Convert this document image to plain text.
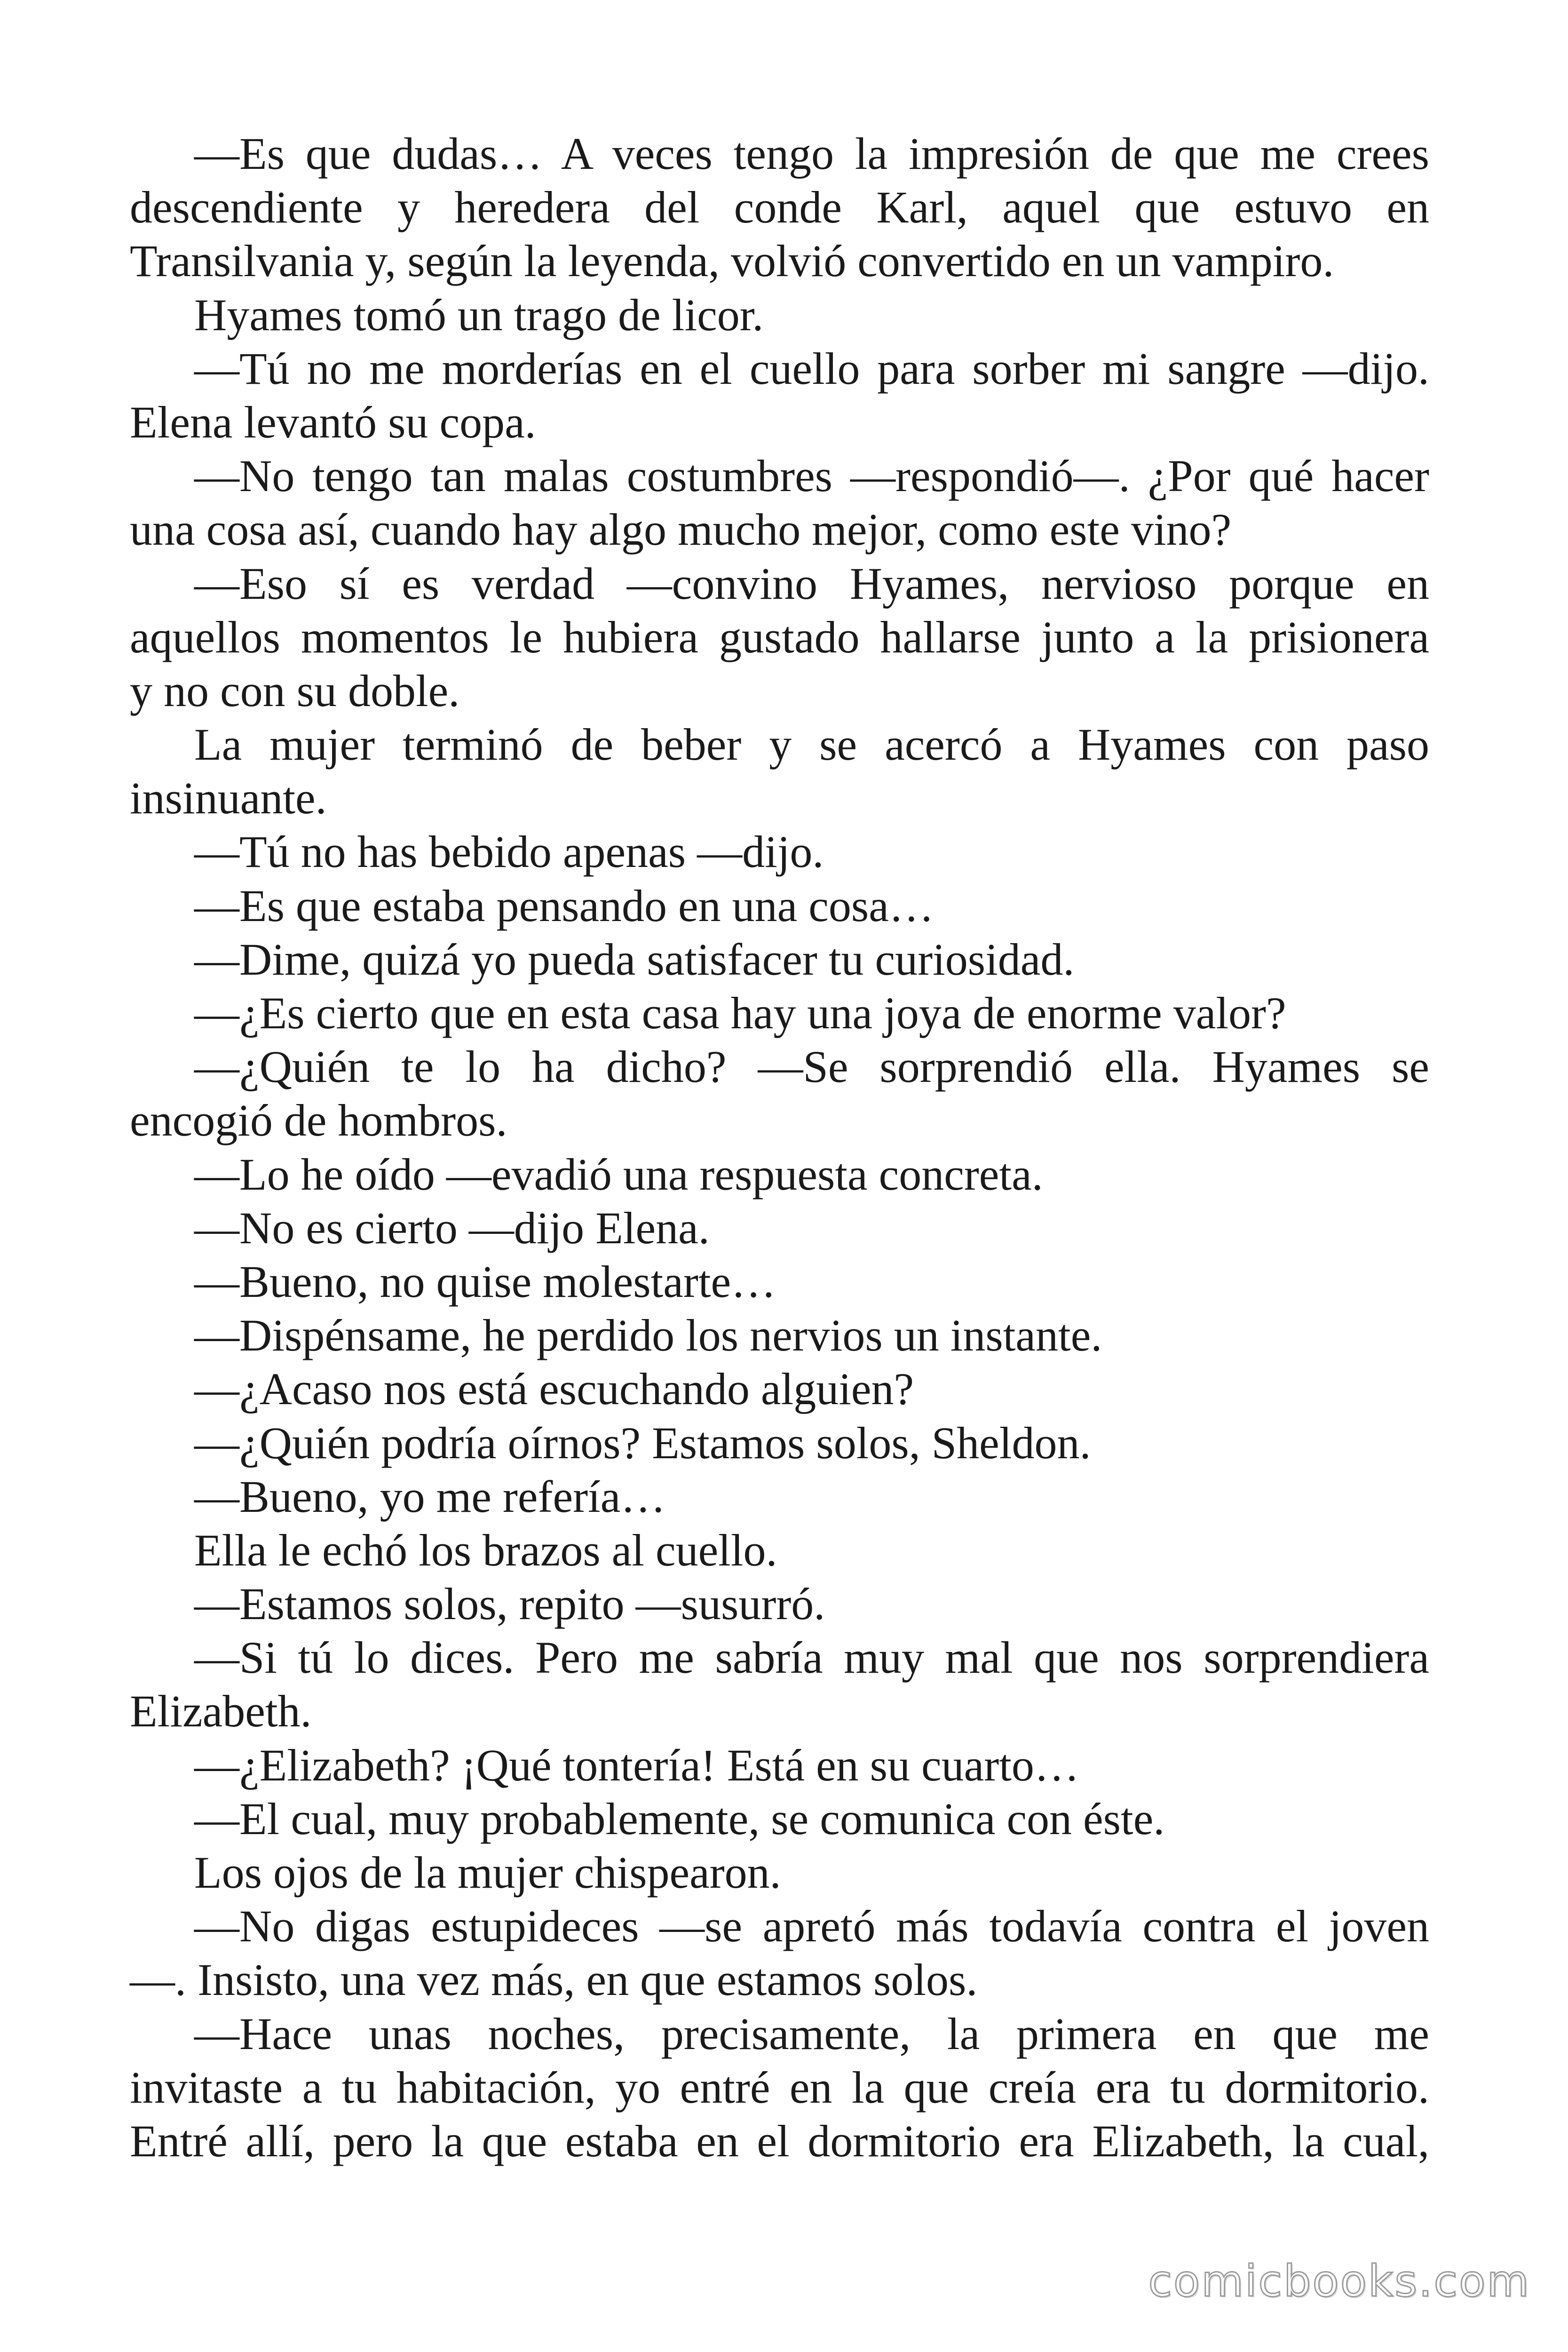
—Es que dudas… A veces tengo la impresión de que me crees
descendiente y heredera del conde Karl, aquel que estuvo en
Transilvania y, según la leyenda, volvió convertido en un vampiro.
Hyames tomó un trago de licor.
—Tú no me morderías en el cuello para sorber mi sangre —dijo.
Elena levantó su copa.
—No tengo tan malas costumbres —respondió—. ¿Por qué hacer
una cosa así, cuando hay algo mucho mejor, como este vino?
—Eso sí es verdad —convino Hyames, nervioso porque en
aquellos momentos le hubiera gustado hallarse junto a la prisionera
y no con su doble.
La mujer terminó de beber y se acercó a Hyames con paso
insinuante.
—Tú no has bebido apenas —dijo.
—Es que estaba pensando en una cosa…
—Dime, quizá yo pueda satisfacer tu curiosidad.
—¿Es cierto que en esta casa hay una joya de enorme valor?
—¿Quién te lo ha dicho? —Se sorprendió ella. Hyames se
encogió de hombros.
—Lo he oído —evadió una respuesta concreta.
—No es cierto —dijo Elena.
—Bueno, no quise molestarte…
—Dispénsame, he perdido los nervios un instante.
—¿Acaso nos está escuchando alguien?
—¿Quién podría oírnos? Estamos solos, Sheldon.
—Bueno, yo me refería…
Ella le echó los brazos al cuello.
—Estamos solos, repito —susurró.
—Si tú lo dices. Pero me sabría muy mal que nos sorprendiera
Elizabeth.
—¿Elizabeth? ¡Qué tontería! Está en su cuarto…
—El cual, muy probablemente, se comunica con éste.
Los ojos de la mujer chispearon.
—No digas estupideces —se apretó más todavía contra el joven
—. Insisto, una vez más, en que estamos solos.
—Hace unas noches, precisamente, la primera en que me
invitaste a tu habitación, yo entré en la que creía era tu dormitorio.
Entré allí, pero la que estaba en el dormitorio era Elizabeth, la cual,
comicbooks.com
